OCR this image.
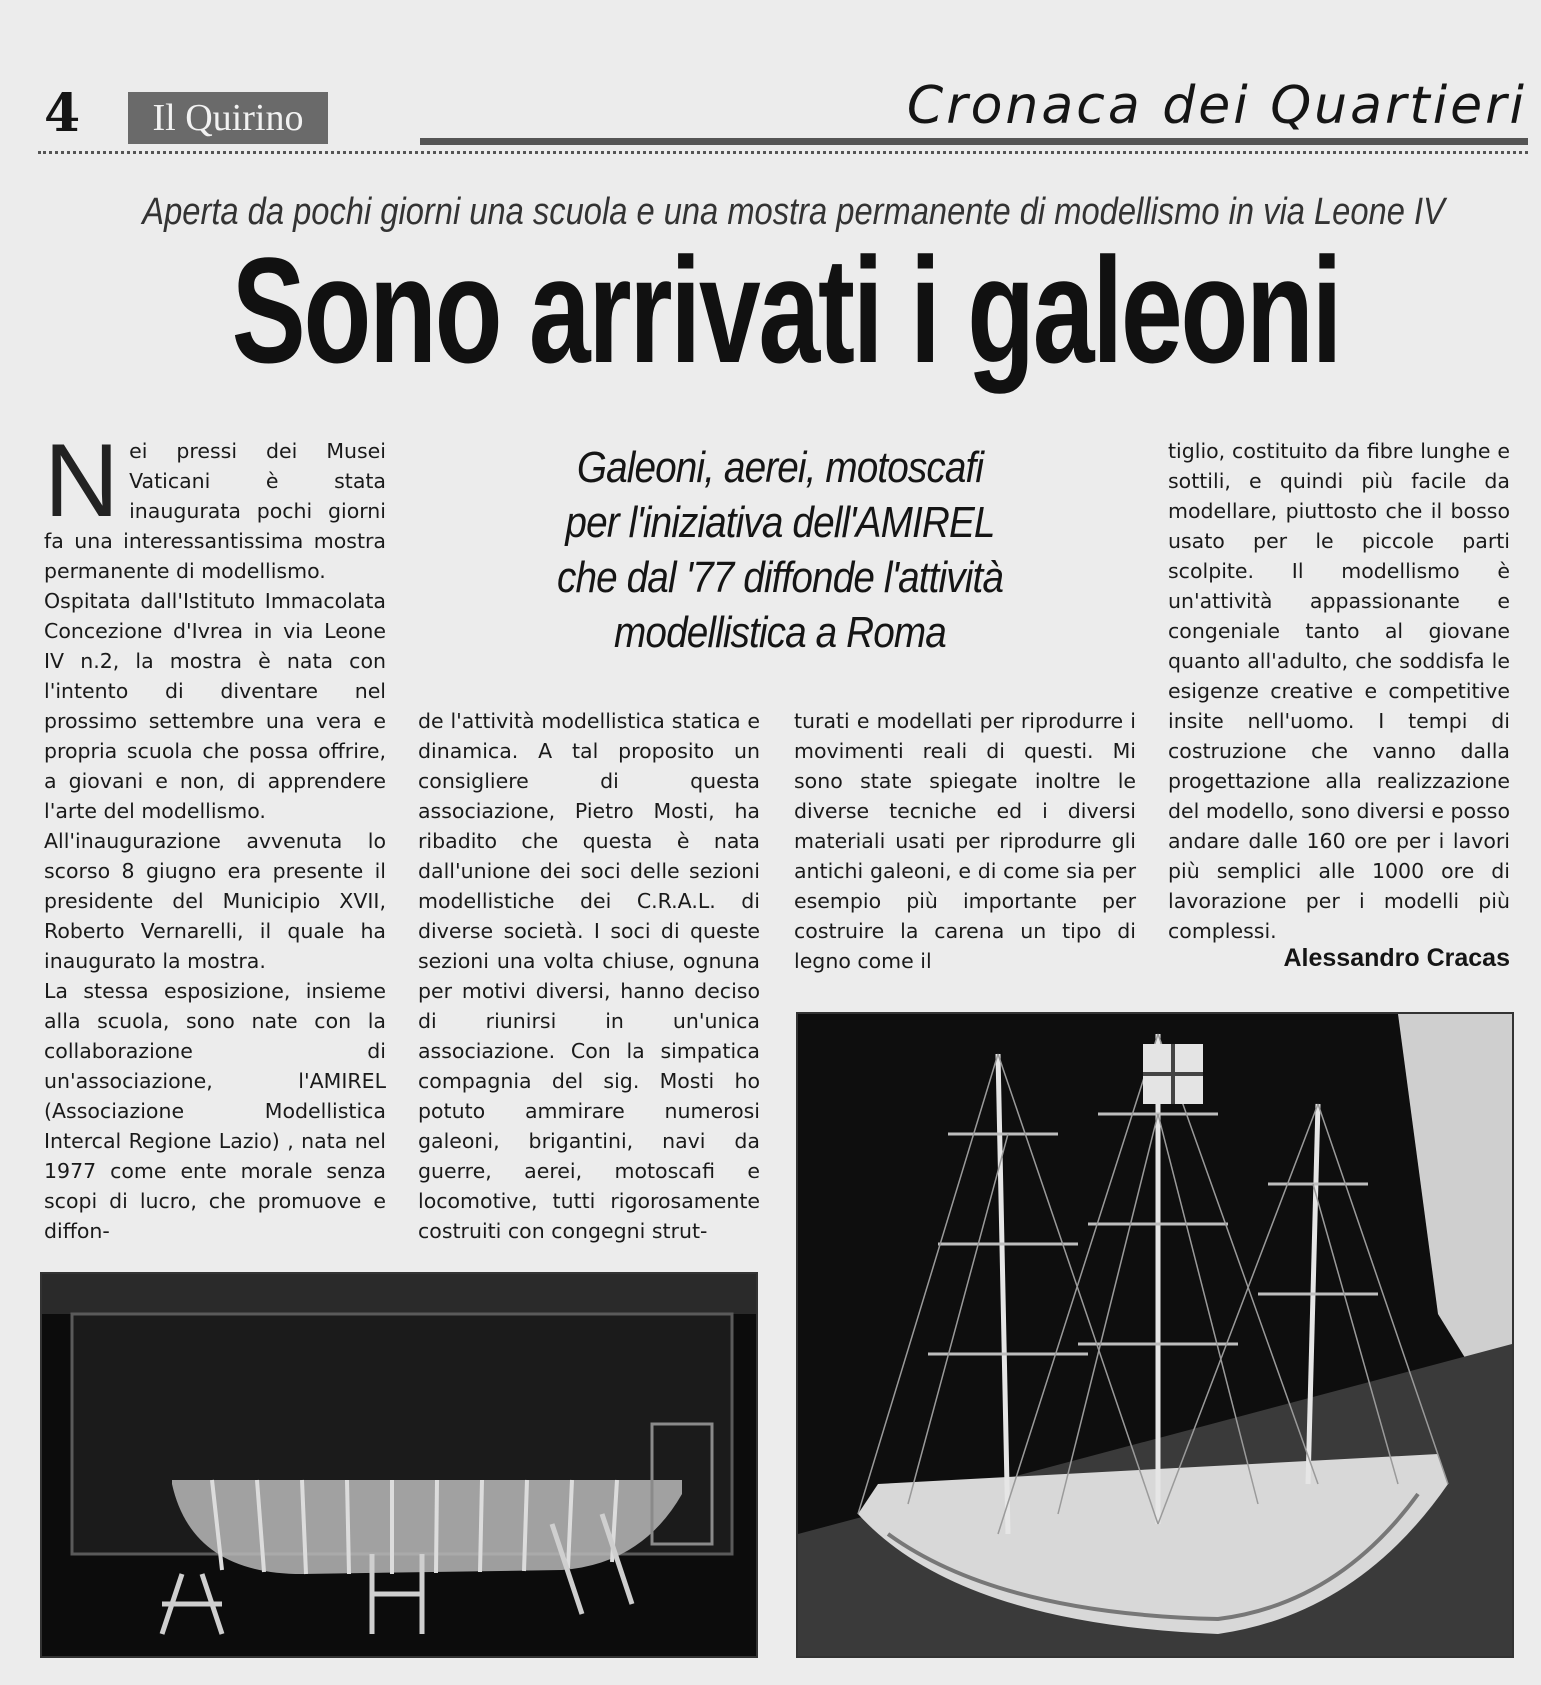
4	Il Quirino	Cronaca dei Quartieri
Aperta da pochi giorni una scuola e una mostra permanente di modellismo in via Leone IV
Sono arrivati i galeoni

Nei pressi dei Musei Vaticani è stata inaugurata pochi giorni fa una interessantissima mostra permanente di modellismo.

Ospitata dall'Istituto Immacolata Concezione d'Ivrea in via Leone IV n.2, la mostra è nata con l'intento di diventare nel prossimo settembre una vera e propria scuola che possa offrire, a giovani e non, di apprendere l'arte del modellismo.

All'inaugurazione avvenuta lo scorso 8 giugno era presente il presidente del Municipio XVII, Roberto Vernarelli, il quale ha inaugurato la mostra.

La stessa esposizione, insieme alla scuola, sono nate con la collaborazione di un'associazione, l'AMIREL (Associazione Modellistica Intercal Regione Lazio) , nata nel 1977 come ente morale senza scopi di lucro, che promuove e diffon-

Galeoni, aerei, motoscafi
per l'iniziativa dell'AMIREL
che dal '77 diffonde l'attività
modellistica a Roma

de l'attività modellistica statica e dinamica. A tal proposito un consigliere di questa associazione, Pietro Mosti, ha ribadito che questa è nata dall'unione dei soci delle sezioni modellistiche dei C.R.A.L. di diverse società. I soci di queste sezioni una volta chiuse, ognuna per motivi diversi, hanno deciso di riunirsi in un'unica associazione. Con la simpatica compagnia del sig. Mosti ho potuto ammirare numerosi galeoni, brigantini, navi da guerre, aerei, motoscafi e locomotive, tutti rigorosamente costruiti con congegni strut-

turati e modellati per riprodurre i movimenti reali di questi. Mi sono state spiegate inoltre le diverse tecniche ed i diversi materiali usati per riprodurre gli antichi galeoni, e di come sia per esempio più importante per costruire la carena un tipo di legno come il

tiglio, costituito da fibre lunghe e sottili, e quindi più facile da modellare, piuttosto che il bosso usato per le piccole parti scolpite. Il modellismo è un'attività appassionante e congeniale tanto al giovane quanto all'adulto, che soddisfa le esigenze creative e competitive insite nell'uomo. I tempi di costruzione che vanno dalla progettazione alla realizzazione del modello, sono diversi e posso andare dalle 160 ore per i lavori più semplici alle 1000 ore di lavorazione per i modelli più complessi.

Alessandro Cracas
